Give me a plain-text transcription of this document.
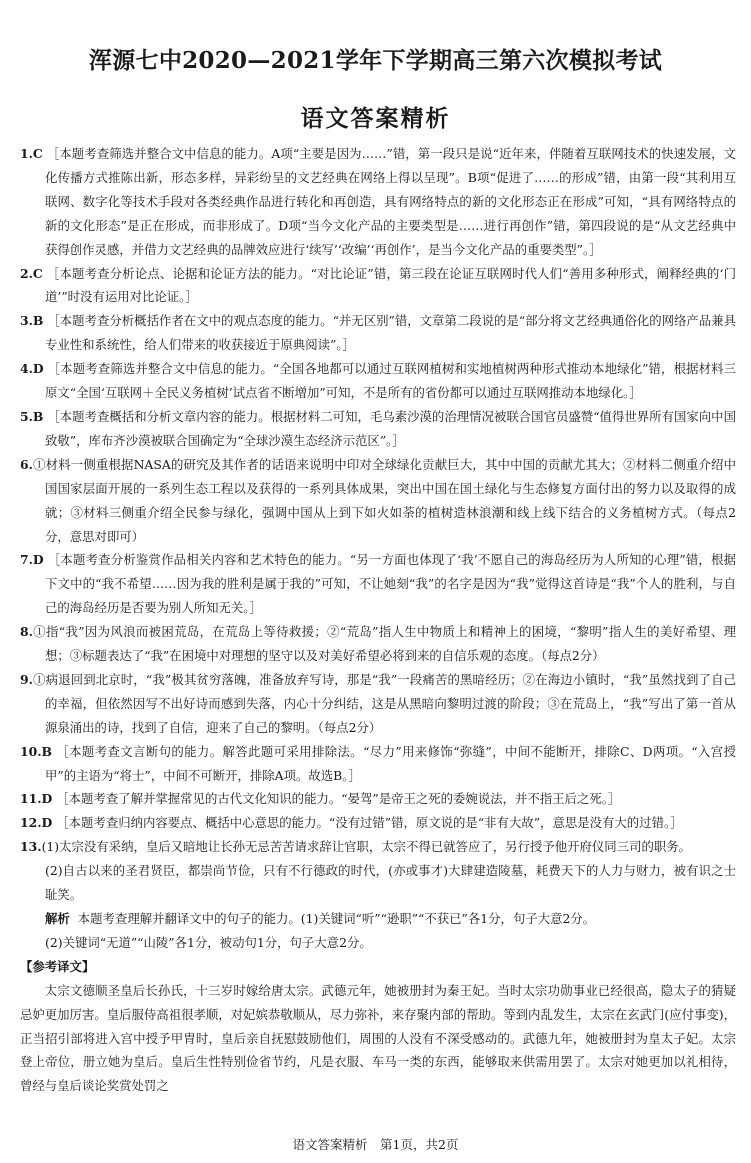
浑源七中2020—2021学年下学期高三第六次模拟考试
语文答案精析

1.C ［本题考查筛选并整合文中信息的能力。A项“主要是因为……”错，第一段只是说“近年来，伴随着互联网技术的快速发展，文化传播方式推陈出新，形态多样，异彩纷呈的文艺经典在网络上得以呈现”。B项“促进了……的形成”错，由第一段“其利用互联网、数字化等技术手段对各类经典作品进行转化和再创造，具有网络特点的新的文化形态正在形成”可知，“具有网络特点的新的文化形态”是正在形成，而非形成了。D项“当今文化产品的主要类型是……进行再创作”错，第四段说的是“从文艺经典中获得创作灵感，并借力文艺经典的品牌效应进行‘续写’‘改编’‘再创作’，是当今文化产品的重要类型”。］

2.C ［本题考查分析论点、论据和论证方法的能力。“对比论证”错，第三段在论证互联网时代人们“善用多种形式，阐释经典的‘门道’”时没有运用对比论证。］

3.B ［本题考查分析概括作者在文中的观点态度的能力。“并无区别”错，文章第二段说的是“部分将文艺经典通俗化的网络产品兼具专业性和系统性，给人们带来的收获接近于原典阅读”。］

4.D ［本题考查筛选并整合文中信息的能力。“全国各地都可以通过互联网植树和实地植树两种形式推动本地绿化”错，根据材料三原文“全国‘互联网＋全民义务植树’试点省不断增加”可知，不是所有的省份都可以通过互联网推动本地绿化。］

5.B ［本题考查概括和分析文章内容的能力。根据材料二可知，毛乌素沙漠的治理情况被联合国官员盛赞“值得世界所有国家向中国致敬”，库布齐沙漠被联合国确定为“全球沙漠生态经济示范区”。］

6.①材料一侧重根据NASA的研究及其作者的话语来说明中印对全球绿化贡献巨大，其中中国的贡献尤其大；②材料二侧重介绍中国国家层面开展的一系列生态工程以及获得的一系列具体成果，突出中国在国土绿化与生态修复方面付出的努力以及取得的成就；③材料三侧重介绍全民参与绿化，强调中国从上到下如火如荼的植树造林浪潮和线上线下结合的义务植树方式。（每点2分，意思对即可）

7.D ［本题考查分析鉴赏作品相关内容和艺术特色的能力。“另一方面也体现了‘我’不愿自己的海岛经历为人所知的心理”错，根据下文中的“我不希望……因为我的胜利是属于我的”可知，不让她刻“我”的名字是因为“我”觉得这首诗是“我”个人的胜利，与自己的海岛经历是否要为别人所知无关。］

8.①指“我”因为风浪而被困荒岛，在荒岛上等待救援；②“荒岛”指人生中物质上和精神上的困境，“黎明”指人生的美好希望、理想；③标题表达了“我”在困境中对理想的坚守以及对美好希望必将到来的自信乐观的态度。（每点2分）

9.①病退回到北京时，“我”极其贫穷落魄，准备放弃写诗，那是“我”一段痛苦的黑暗经历；②在海边小镇时，“我”虽然找到了自己的幸福，但依然因写不出好诗而感到失落，内心十分纠结，这是从黑暗向黎明过渡的阶段；③在荒岛上，“我”写出了第一首从源泉涌出的诗，找到了自信，迎来了自己的黎明。（每点2分）

10.B ［本题考查文言断句的能力。解答此题可采用排除法。“尽力”用来修饰“弥缝”，中间不能断开，排除C、D两项。“入宫授甲”的主语为“将士”，中间不可断开，排除A项。故选B。］

11.D ［本题考查了解并掌握常见的古代文化知识的能力。“晏驾”是帝王之死的委婉说法，并不指王后之死。］

12.D ［本题考查归纳内容要点、概括中心意思的能力。“没有过错”错，原文说的是“非有大故”，意思是没有大的过错。］

13.(1)太宗没有采纳，皇后又暗地让长孙无忌苦苦请求辞让官职，太宗不得已就答应了，另行授予他开府仪同三司的职务。

(2)自古以来的圣君贤臣，都崇尚节俭，只有不行德政的时代，(亦或事才)大肆建造陵墓，耗费天下的人力与财力，被有识之士耻笑。

解析 本题考查理解并翻译文中的句子的能力。(1)关键词“听”“逊职”“不获已”各1分，句子大意2分。

(2)关键词“无道”“山陵”各1分，被动句1分，句子大意2分。

【参考译文】

太宗文德顺圣皇后长孙氏，十三岁时嫁给唐太宗。武德元年，她被册封为秦王妃。当时太宗功勋事业已经很高，隐太子的猜疑忌妒更加厉害。皇后服侍高祖很孝顺，对妃嫔恭敬顺从，尽力弥补，来存聚内部的帮助。等到内乱发生，太宗在玄武门(应付事变)，正当招引部将进入宫中授予甲胄时，皇后亲自抚慰鼓励他们，周围的人没有不深受感动的。武德九年，她被册封为皇太子妃。太宗登上帝位，册立她为皇后。皇后生性特别俭省节约，凡是衣服、车马一类的东西，能够取来供需用罢了。太宗对她更加以礼相待，曾经与皇后谈论奖赏处罚之

语文答案精析　第1页，共2页
